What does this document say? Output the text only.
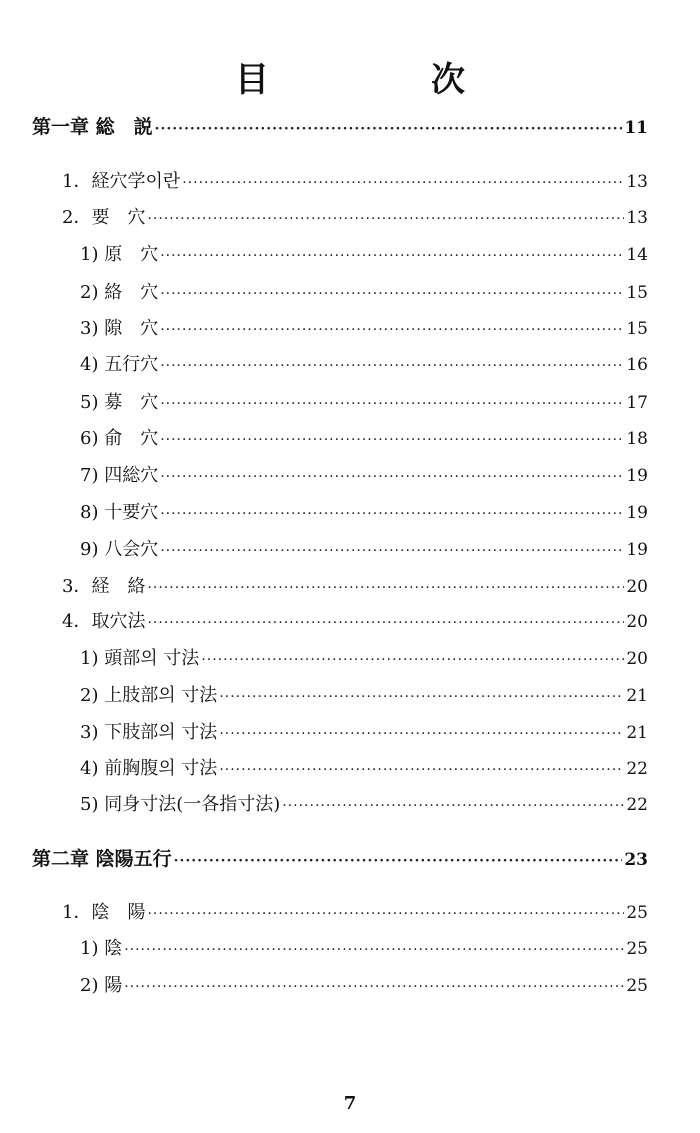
目　次
第一章 総　説 ·····	11
1．経穴学이란 ·····	13
2．要　穴 ·····	13
1) 原　穴 ·····	14
2) 絡　穴 ·····	15
3) 隙　穴 ·····	15
4) 五行穴 ·····	16
5) 募　穴 ·····	17
6) 俞　穴 ·····	18
7) 四総穴 ·····	19
8) 十要穴 ·····	19
9) 八会穴 ·····	19
3．経　絡 ·····	20
4．取穴法 ·····	20
1) 頭部의 寸法 ·····	20
2) 上肢部의 寸法 ·····	21
3) 下肢部의 寸法 ·····	21
4) 前胸腹의 寸法 ·····	22
5) 同身寸法(一各指寸法) ·····	22
第二章 陰陽五行 ·····	23
1．陰　陽 ·····	25
1) 陰 ·····	25
2) 陽 ·····	25
7
